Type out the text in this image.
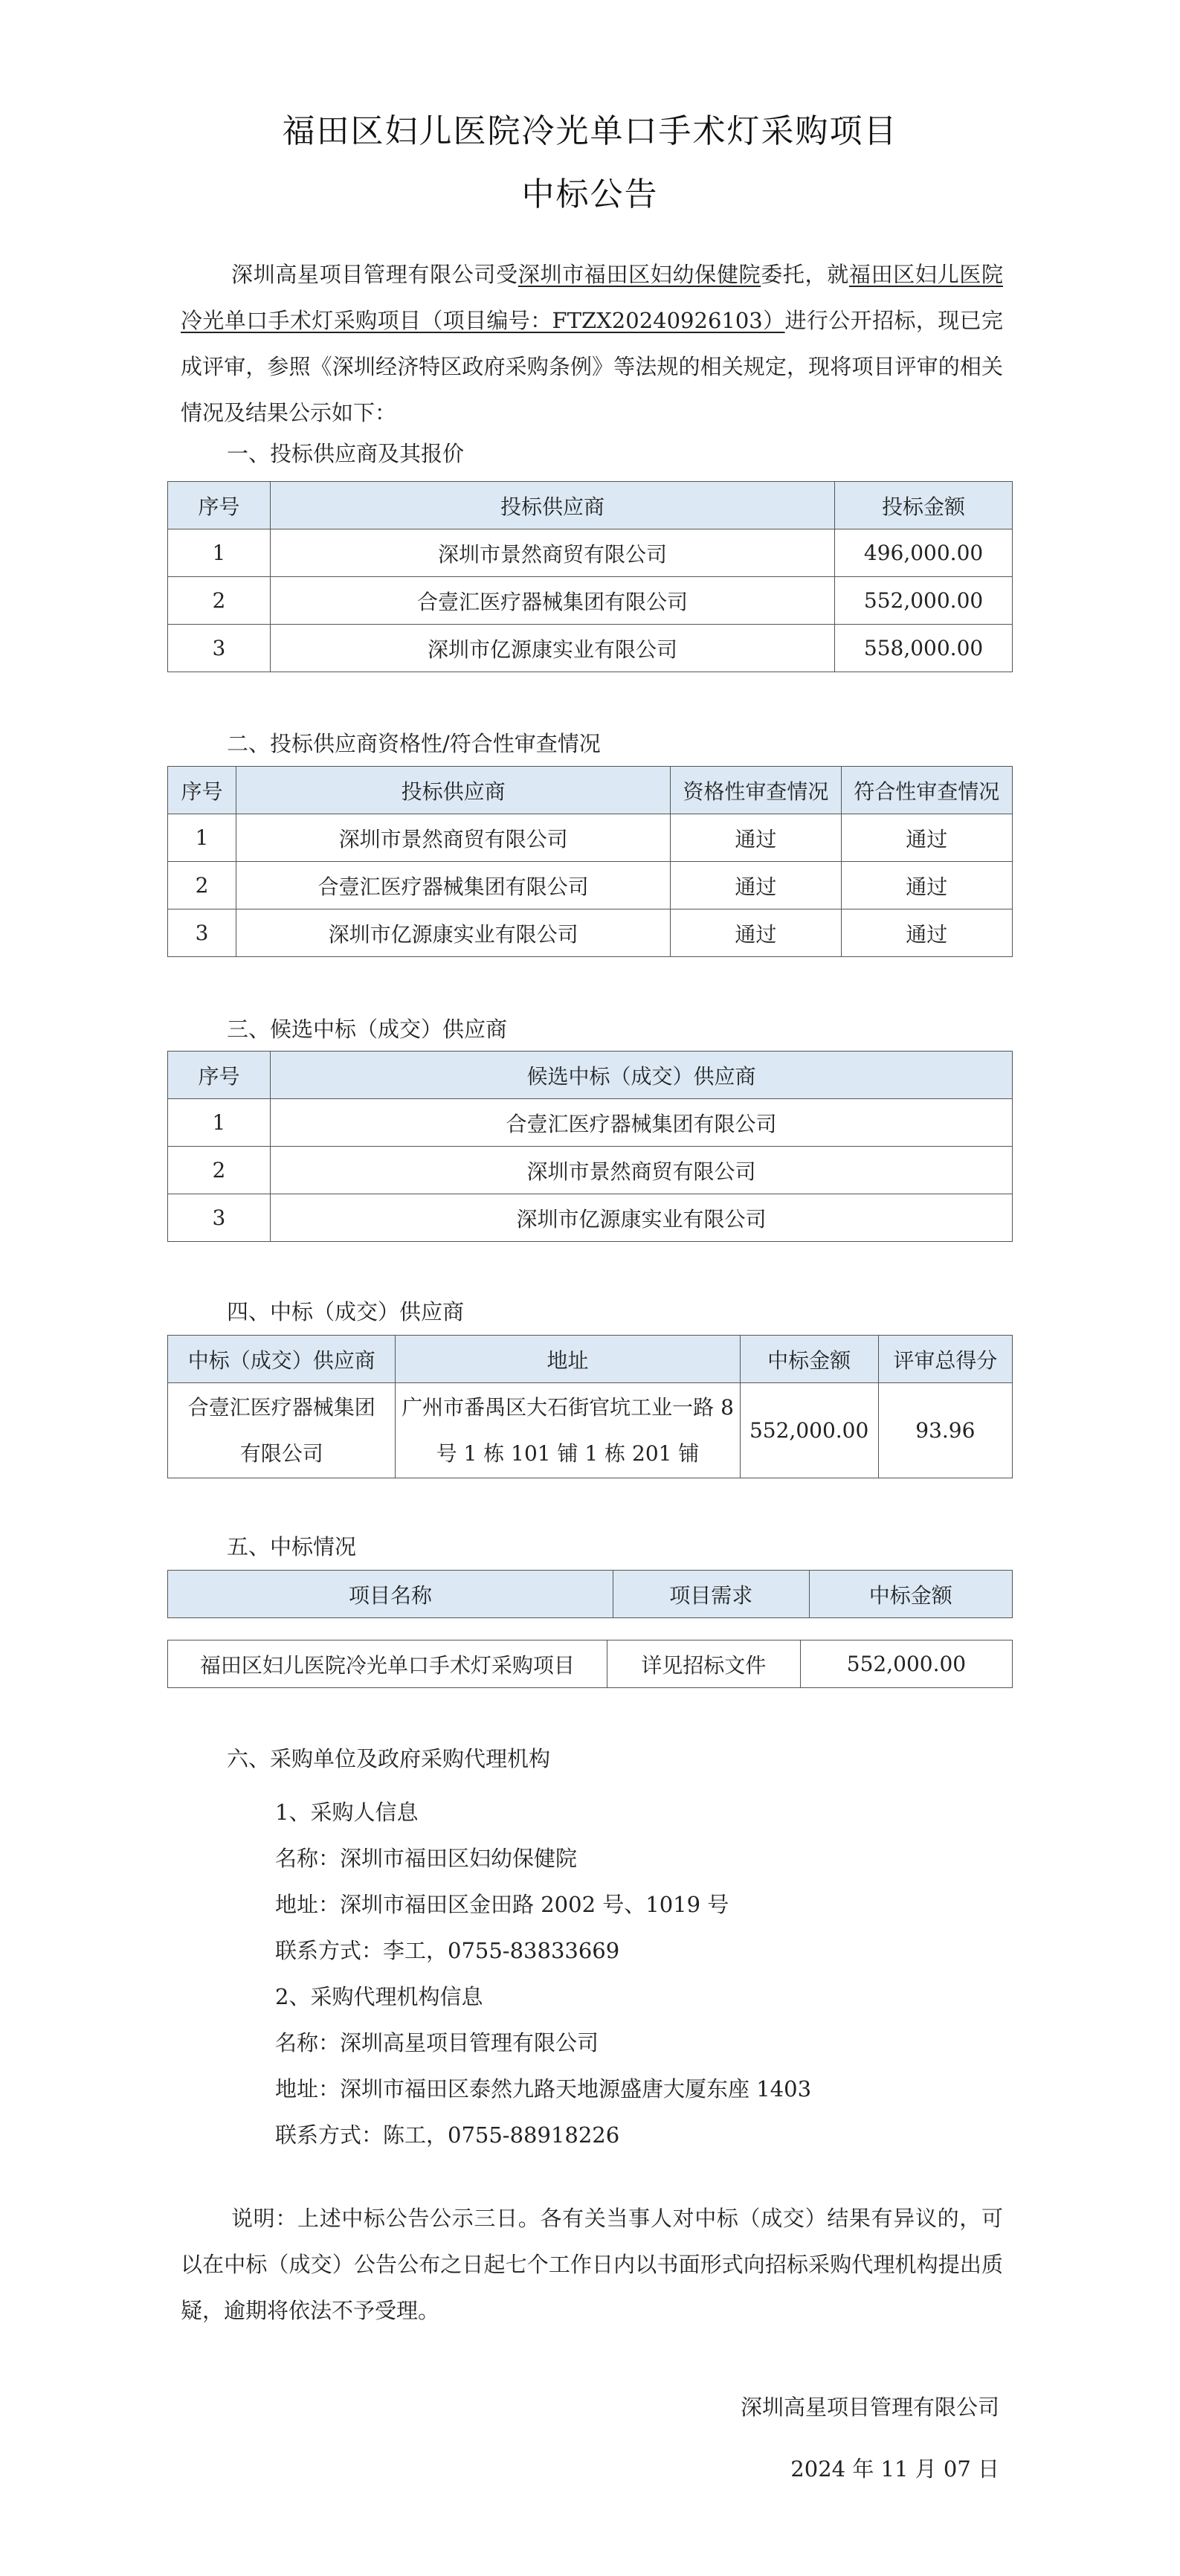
福田区妇儿医院冷光单口手术灯采购项目
中标公告

深圳高星项目管理有限公司受深圳市福田区妇幼保健院委托，就福田区妇儿医院冷光单口手术灯采购项目（项目编号：FTZX20240926103）进行公开招标，现已完成评审，参照《深圳经济特区政府采购条例》等法规的相关规定，现将项目评审的相关情况及结果公示如下：

一、投标供应商及其报价
序号	投标供应商	投标金额
1	深圳市景然商贸有限公司	496,000.00
2	合壹汇医疗器械集团有限公司	552,000.00
3	深圳市亿源康实业有限公司	558,000.00
二、投标供应商资格性/符合性审查情况
序号	投标供应商	资格性审查情况	符合性审查情况
1	深圳市景然商贸有限公司	通过	通过
2	合壹汇医疗器械集团有限公司	通过	通过
3	深圳市亿源康实业有限公司	通过	通过
三、候选中标（成交）供应商
序号	候选中标（成交）供应商
1	合壹汇医疗器械集团有限公司
2	深圳市景然商贸有限公司
3	深圳市亿源康实业有限公司
四、中标（成交）供应商
中标（成交）供应商	地址	中标金额	评审总得分
合壹汇医疗器械集团
有限公司	广州市番禺区大石街官坑工业一路 8
号 1 栋 101 铺 1 栋 201 铺	552,000.00	93.96
五、中标情况
项目名称	项目需求	中标金额
福田区妇儿医院冷光单口手术灯采购项目	详见招标文件	552,000.00
六、采购单位及政府采购代理机构
1、采购人信息
名称：深圳市福田区妇幼保健院
地址：深圳市福田区金田路 2002 号、1019 号
联系方式：李工，0755-83833669
2、采购代理机构信息
名称：深圳高星项目管理有限公司
地址：深圳市福田区泰然九路天地源盛唐大厦东座 1403
联系方式：陈工，0755-88918226

说明：上述中标公告公示三日。各有关当事人对中标（成交）结果有异议的，可以在中标（成交）公告公布之日起七个工作日内以书面形式向招标采购代理机构提出质疑，逾期将依法不予受理。

深圳高星项目管理有限公司
2024 年 11 月 07 日
